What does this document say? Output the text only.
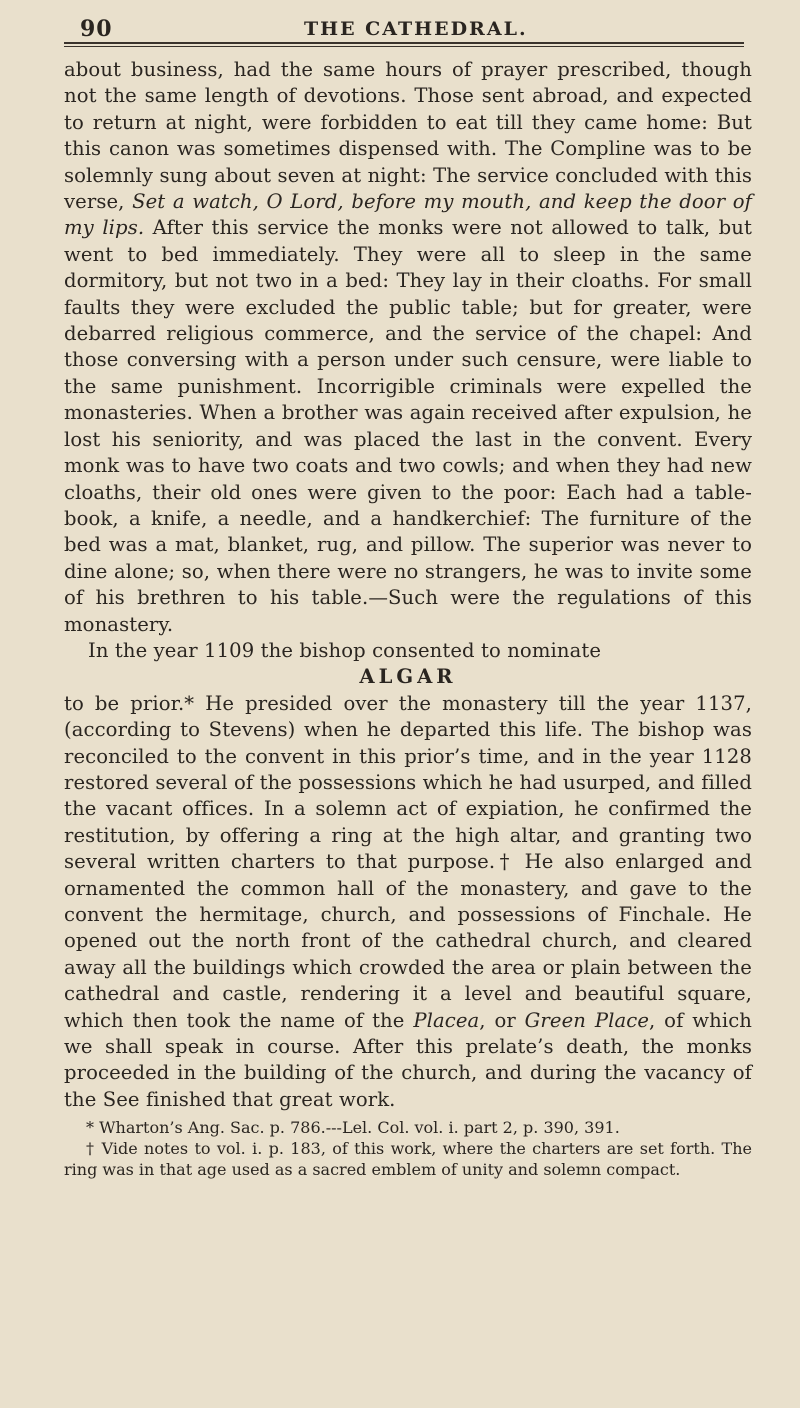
90	THE CATHEDRAL.

about business, had the same hours of prayer prescribed, though not the same length of devotions. Those sent abroad, and expected to return at night, were forbidden to eat till they came home: But this canon was sometimes dispensed with. The Compline was to be solemnly sung about seven at night: The service concluded with this verse, Set a watch, O Lord, before my mouth, and keep the door of my lips. After this service the monks were not allowed to talk, but went to bed immediately. They were all to sleep in the same dormitory, but not two in a bed: They lay in their cloaths. For small faults they were excluded the public table; but for greater, were debarred religious commerce, and the service of the chapel: And those conversing with a person under such censure, were liable to the same punishment. Incorrigible criminals were expelled the monasteries. When a brother was again received after expulsion, he lost his seniority, and was placed the last in the convent. Every monk was to have two coats and two cowls; and when they had new cloaths, their old ones were given to the poor: Each had a table-book, a knife, a needle, and a handkerchief: The furniture of the bed was a mat, blanket, rug, and pillow. The superior was never to dine alone; so, when there were no strangers, he was to invite some of his brethren to his table.—Such were the regulations of this monastery.

In the year 1109 the bishop consented to nominate

ALGAR

to be prior.* He presided over the monastery till the year 1137, (according to Stevens) when he departed this life. The bishop was reconciled to the convent in this prior’s time, and in the year 1128 restored several of the possessions which he had usurped, and filled the vacant offices. In a solemn act of expiation, he confirmed the restitution, by offering a ring at the high altar, and granting two several written charters to that purpose.† He also enlarged and ornamented the common hall of the monastery, and gave to the convent the hermitage, church, and possessions of Finchale. He opened out the north front of the cathedral church, and cleared away all the buildings which crowded the area or plain between the cathedral and castle, rendering it a level and beautiful square, which then took the name of the Placea, or Green Place, of which we shall speak in course. After this prelate’s death, the monks proceeded in the building of the church, and during the vacancy of the See finished that great work.

* Wharton’s Ang. Sac. p. 786.---Lel. Col. vol. i. part 2, p. 390, 391.

† Vide notes to vol. i. p. 183, of this work, where the charters are set forth. The ring was in that age used as a sacred emblem of unity and solemn compact.
